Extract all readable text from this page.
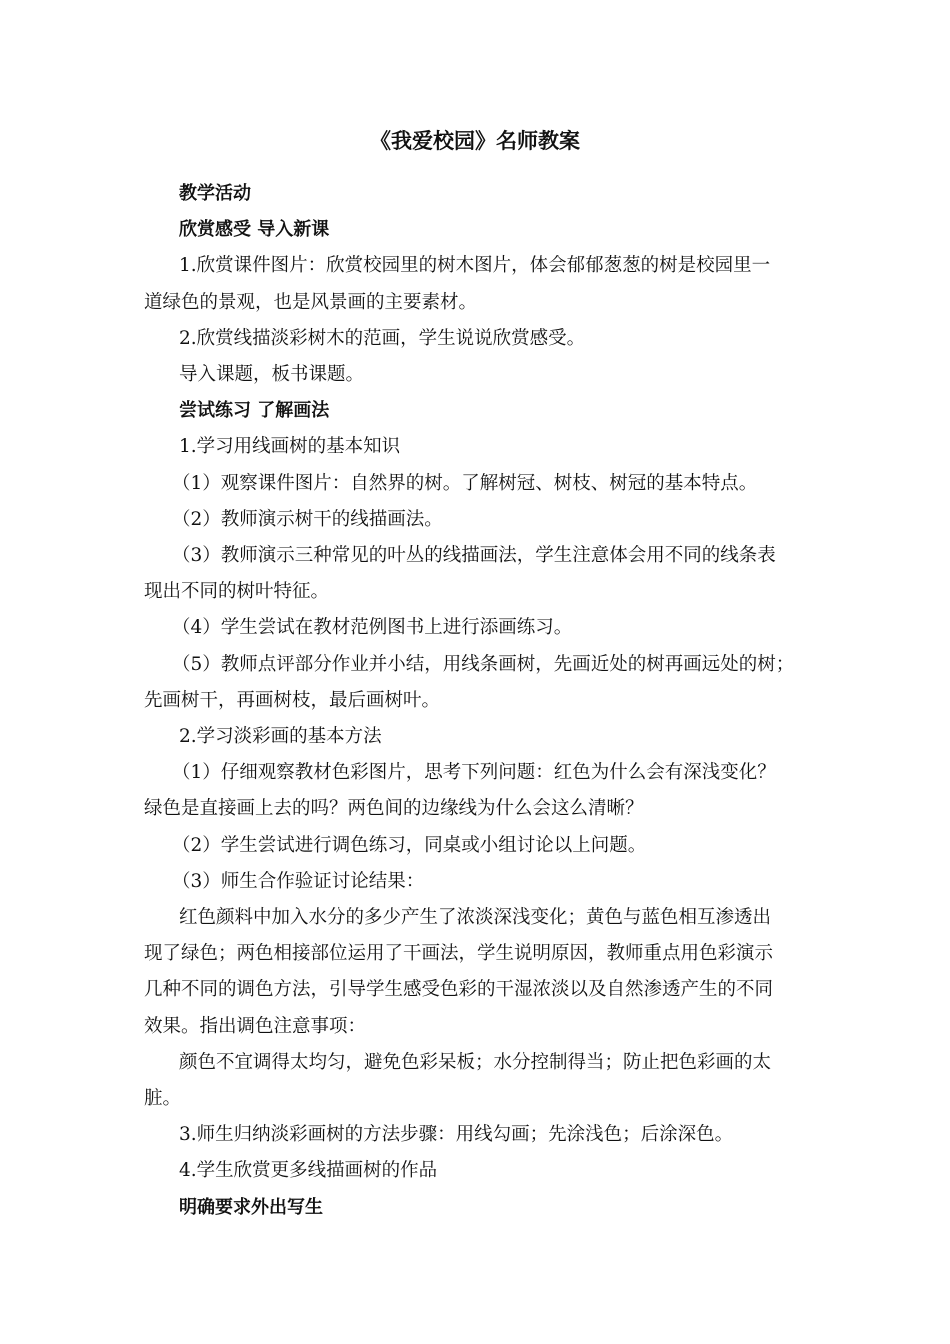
《我爱校园》名师教案

教学活动

欣赏感受 导入新课

1.欣赏课件图片：欣赏校园里的树木图片，体会郁郁葱葱的树是校园里一

道绿色的景观，也是风景画的主要素材。

2.欣赏线描淡彩树木的范画，学生说说欣赏感受。

导入课题，板书课题。

尝试练习 了解画法

1.学习用线画树的基本知识

（1）观察课件图片：自然界的树。了解树冠、树枝、树冠的基本特点。

（2）教师演示树干的线描画法。

（3）教师演示三种常见的叶丛的线描画法，学生注意体会用不同的线条表

现出不同的树叶特征。

（4）学生尝试在教材范例图书上进行添画练习。

（5）教师点评部分作业并小结，用线条画树，先画近处的树再画远处的树；

先画树干，再画树枝，最后画树叶。

2.学习淡彩画的基本方法

（1）仔细观察教材色彩图片，思考下列问题：红色为什么会有深浅变化？

绿色是直接画上去的吗？两色间的边缘线为什么会这么清晰？

（2）学生尝试进行调色练习，同桌或小组讨论以上问题。

（3）师生合作验证讨论结果：

红色颜料中加入水分的多少产生了浓淡深浅变化；黄色与蓝色相互渗透出

现了绿色；两色相接部位运用了干画法，学生说明原因，教师重点用色彩演示

几种不同的调色方法，引导学生感受色彩的干湿浓淡以及自然渗透产生的不同

效果。指出调色注意事项：

颜色不宜调得太均匀，避免色彩呆板；水分控制得当；防止把色彩画的太

脏。

3.师生归纳淡彩画树的方法步骤：用线勾画；先涂浅色；后涂深色。

4.学生欣赏更多线描画树的作品

明确要求外出写生
